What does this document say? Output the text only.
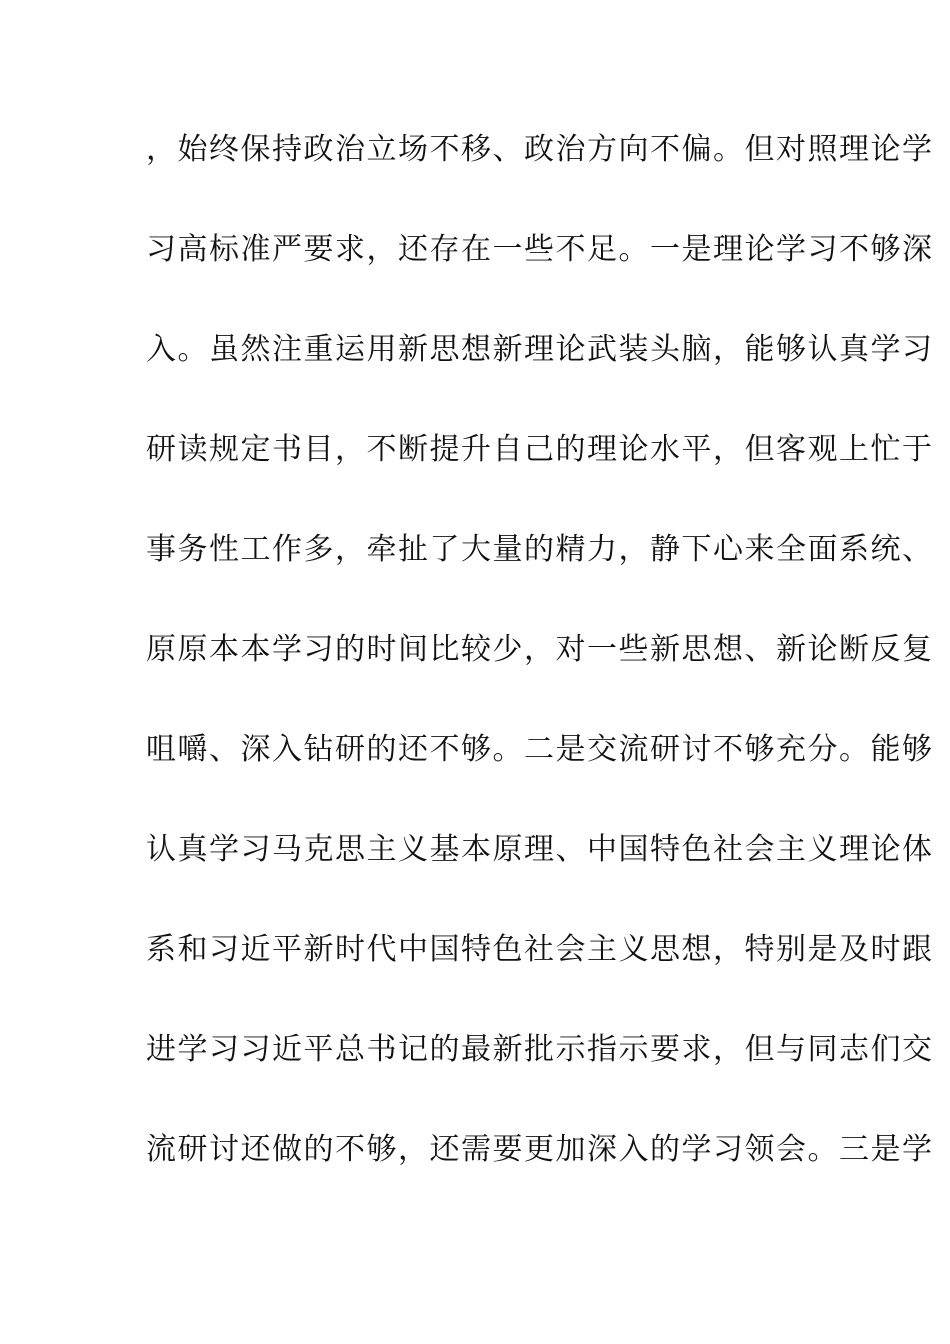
，始终保持政治立场不移、政治方向不偏。但对照理论学
习高标准严要求，还存在一些不足。一是理论学习不够深
入。虽然注重运用新思想新理论武装头脑，能够认真学习
研读规定书目，不断提升自己的理论水平，但客观上忙于
事务性工作多，牵扯了大量的精力，静下心来全面系统、
原原本本学习的时间比较少，对一些新思想、新论断反复
咀嚼、深入钻研的还不够。二是交流研讨不够充分。能够
认真学习马克思主义基本原理、中国特色社会主义理论体
系和习近平新时代中国特色社会主义思想，特别是及时跟
进学习习近平总书记的最新批示指示要求，但与同志们交
流研讨还做的不够，还需要更加深入的学习领会。三是学
